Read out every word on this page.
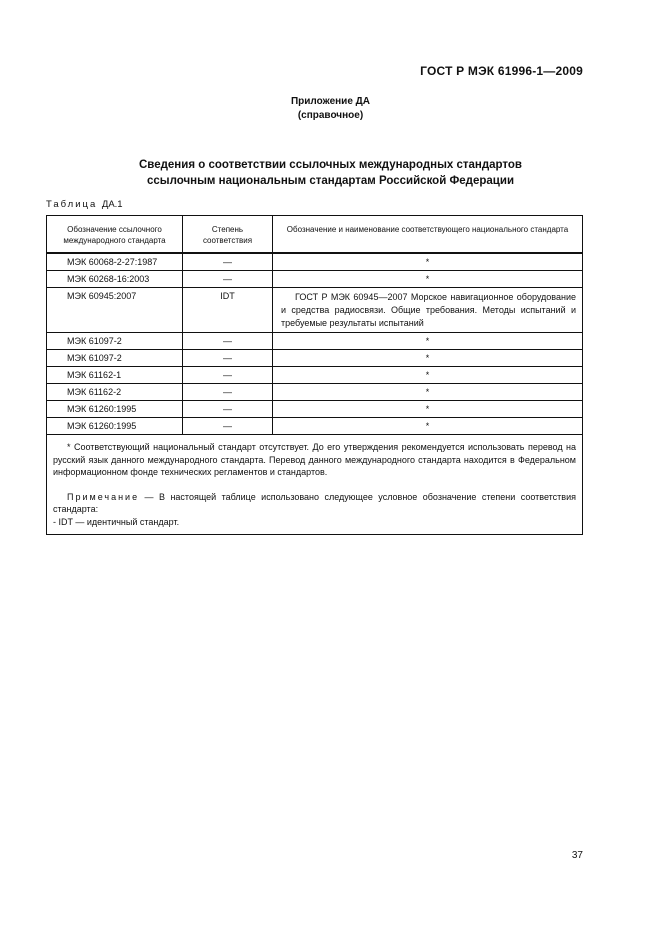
ГОСТ Р МЭК 61996-1—2009
Приложение ДА
(справочное)
Сведения о соответствии ссылочных международных стандартов
ссылочным национальным стандартам Российской Федерации
Таблица ДА.1
Обозначение ссылочного международного стандарта	Степень соответствия	Обозначение и наименование соответствующего национального стандарта
МЭК 60068-2-27:1987	—	*
МЭК 60268-16:2003	—	*
МЭК 60945:2007	IDT	ГОСТ Р МЭК 60945—2007 Морское навигационное оборудование и средства радиосвязи. Общие требования. Методы испытаний и требуемые результаты испытаний
МЭК 61097-2	—	*
МЭК 61097-2	—	*
МЭК 61162-1	—	*
МЭК 61162-2	—	*
МЭК 61260:1995	—	*
МЭК 61260:1995	—	*

* Соответствующий национальный стандарт отсутствует. До его утверждения рекомендуется использовать перевод на русский язык данного международного стандарта. Перевод данного международного стандарта находится в Федеральном информационном фонде технических регламентов и стандартов.

Примечание — В настоящей таблице использовано следующее условное обозначение степени соответствия стандарта:

- IDT — идентичный стандарт.		

37
